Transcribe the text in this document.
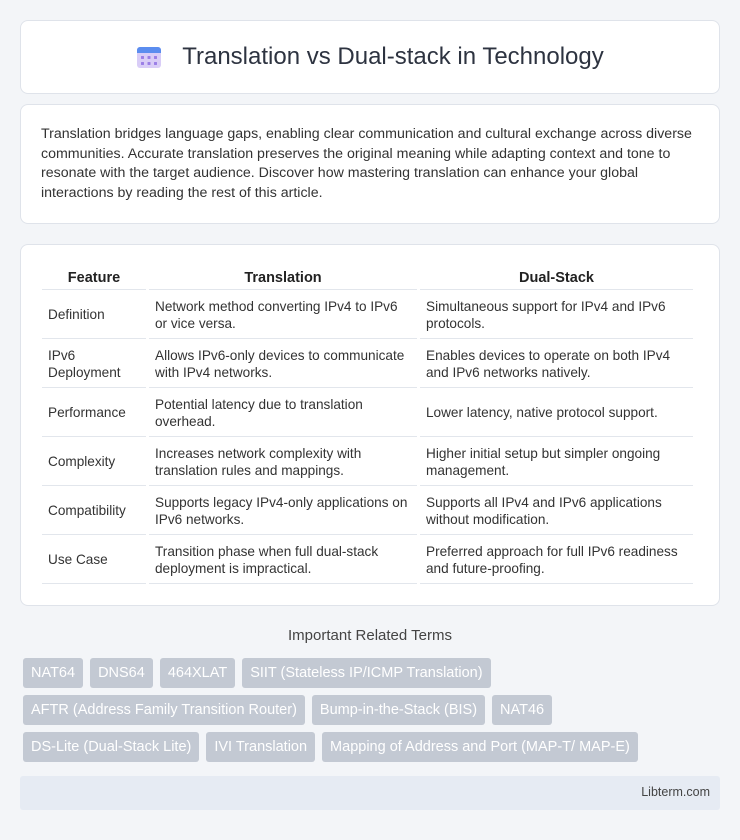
Translation vs Dual-stack in Technology

Translation bridges language gaps, enabling clear communication and cultural exchange across diverse communities. Accurate translation preserves the original meaning while adapting context and tone to resonate with the target audience. Discover how mastering translation can enhance your global interactions by reading the rest of this article.

Feature	Translation	Dual-Stack
Definition	Network method converting IPv4 to IPv6 or vice versa.	Simultaneous support for IPv4 and IPv6 protocols.
IPv6 Deployment	Allows IPv6-only devices to communicate with IPv4 networks.	Enables devices to operate on both IPv4 and IPv6 networks natively.
Performance	Potential latency due to translation overhead.	Lower latency, native protocol support.
Complexity	Increases network complexity with translation rules and mappings.	Higher initial setup but simpler ongoing management.
Compatibility	Supports legacy IPv4-only applications on IPv6 networks.	Supports all IPv4 and IPv6 applications without modification.
Use Case	Transition phase when full dual-stack deployment is impractical.	Preferred approach for full IPv6 readiness and future-proofing.
Important Related Terms
NAT64	DNS64	464XLAT	SIIT (Stateless IP/ICMP Translation)
AFTR (Address Family Transition Router)	Bump-in-the-Stack (BIS)	NAT46
DS-Lite (Dual-Stack Lite)	IVI Translation	Mapping of Address and Port (MAP-T/ MAP-E)
Libterm.com
